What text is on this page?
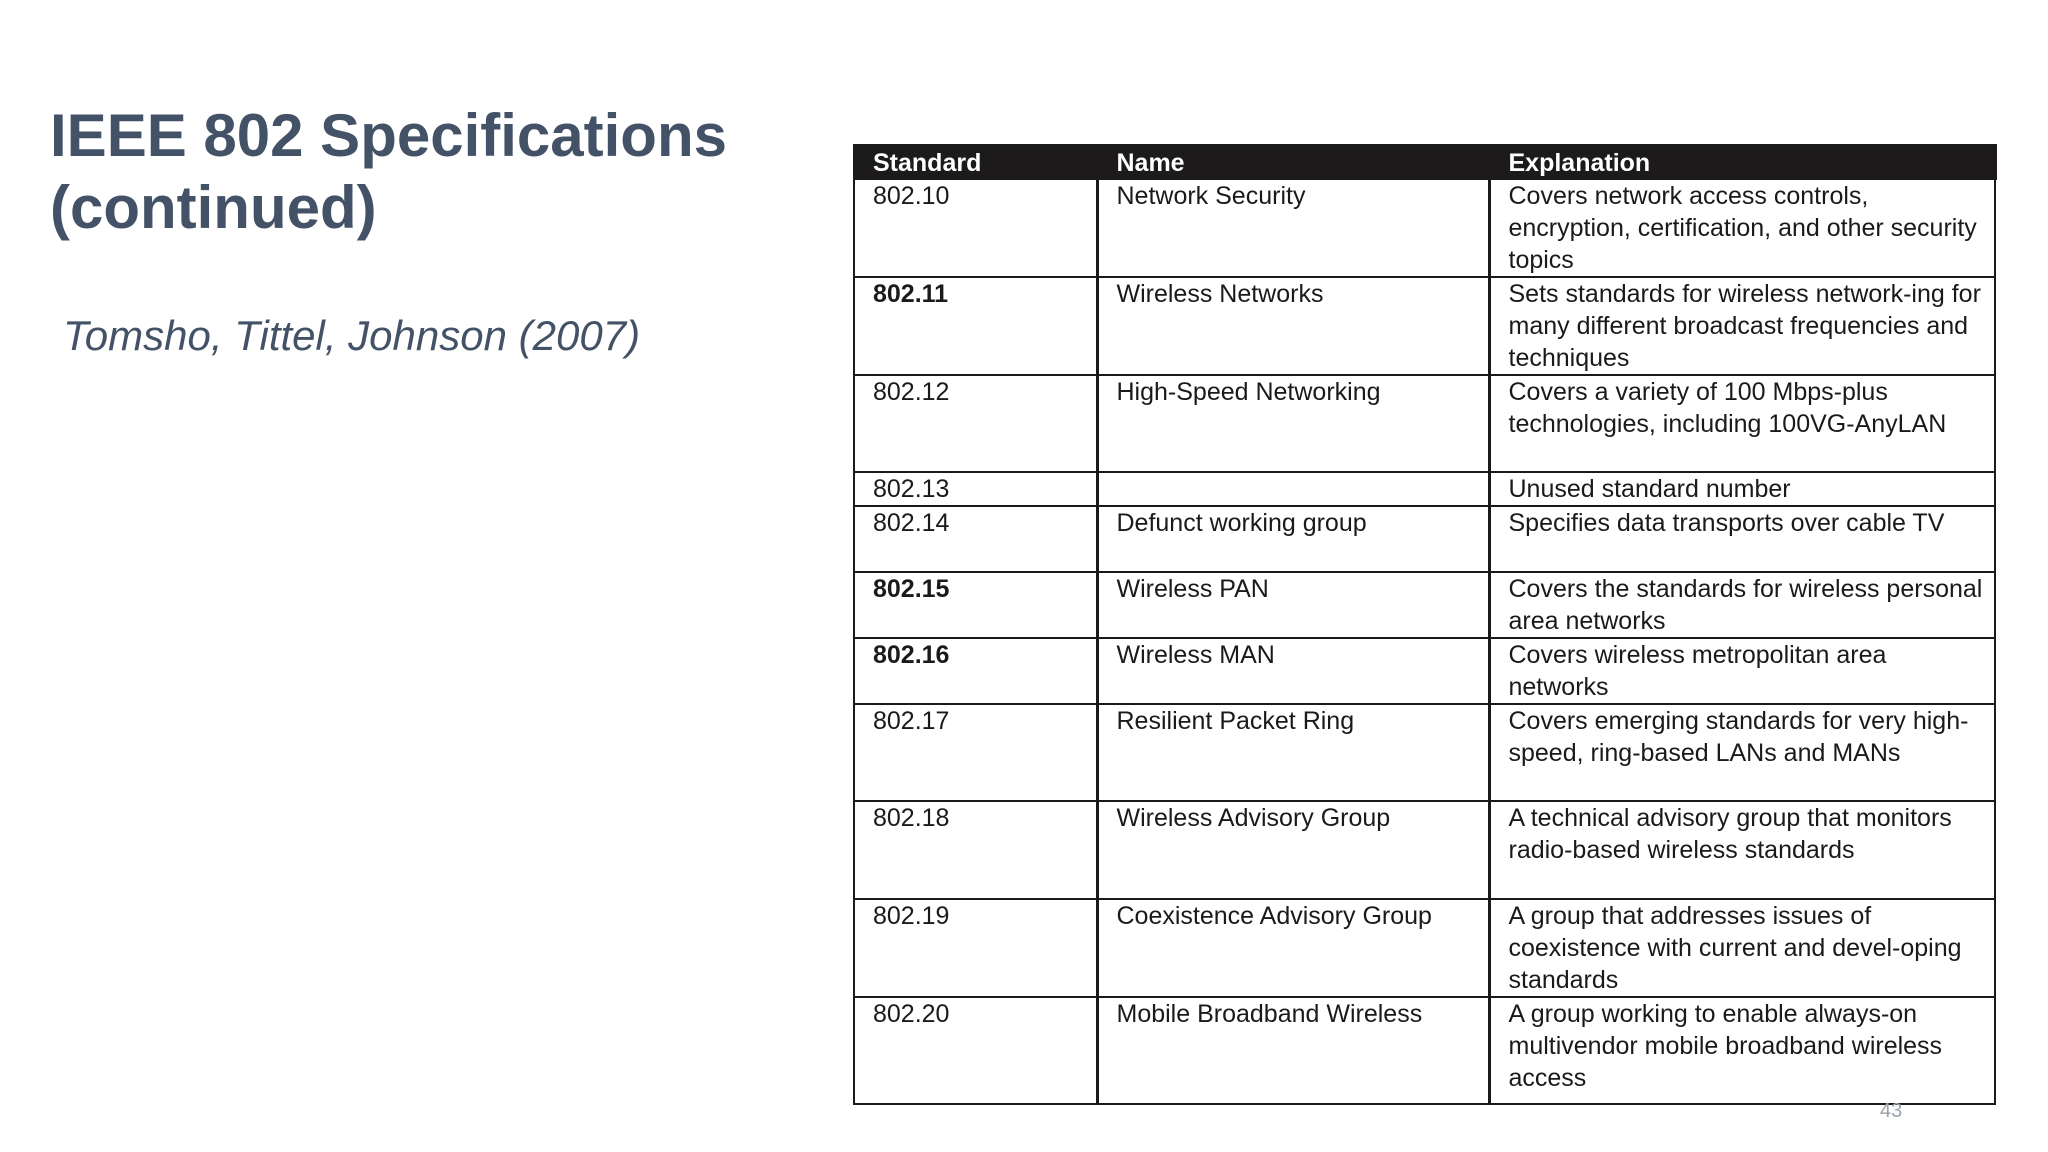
IEEE 802 Specifications
(continued)

Tomsho, Tittel, Johnson (2007)

Standard	Name	Explanation
802.10	Network Security	Covers network access controls, encryption, certification, and other security topics
802.11	Wireless Networks	Sets standards for wireless network-ing for many different broadcast frequencies and techniques
802.12	High-Speed Networking	Covers a variety of 100 Mbps-plus technologies, including 100VG-AnyLAN
802.13		Unused standard number
802.14	Defunct working group	Specifies data transports over cable TV
802.15	Wireless PAN	Covers the standards for wireless personal area networks
802.16	Wireless MAN	Covers wireless metropolitan area networks
802.17	Resilient Packet Ring	Covers emerging standards for very high-speed, ring-based LANs and MANs
802.18	Wireless Advisory Group	A technical advisory group that monitors radio-based wireless standards
802.19	Coexistence Advisory Group	A group that addresses issues of coexistence with current and devel-oping standards
802.20	Mobile Broadband Wireless	A group working to enable always-on multivendor mobile broadband wireless access
43
